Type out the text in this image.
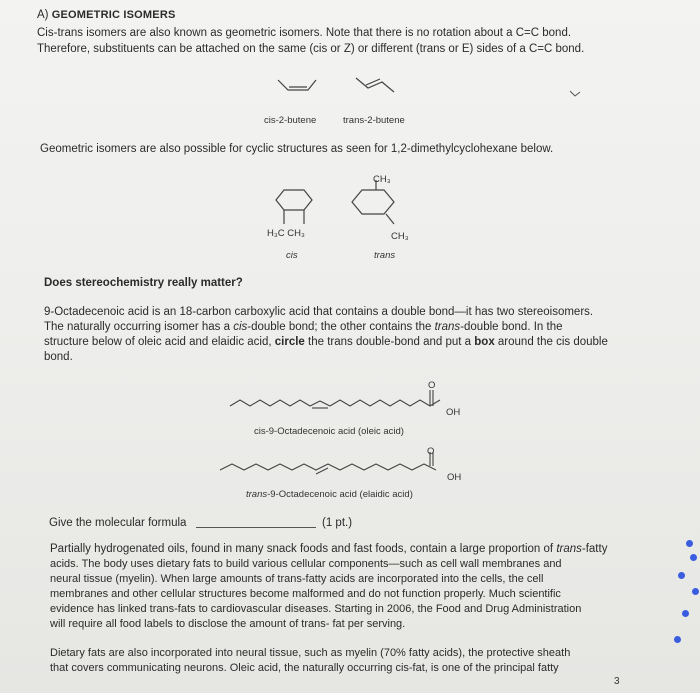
A) GEOMETRIC ISOMERS
Cis-trans isomers are also known as geometric isomers. Note that there is no rotation about a C=C bond.
Therefore, substituents can be attached on the same (cis or Z) or different (trans or E) sides of a C=C bond.
cis-2-butene	trans-2-butene
Geometric isomers are also possible for cyclic structures as seen for 1,2-dimethylcyclohexane below.
CH₃
H₃C CH₃	CH₃
cis	trans
Does stereochemistry really matter?
9-Octadecenoic acid is an 18-carbon carboxylic acid that contains a double bond—it has two stereoisomers.
The naturally occurring isomer has a cis-double bond; the other contains the trans-double bond. In the
structure below of oleic acid and elaidic acid, circle the trans double-bond and put a box around the cis double
bond.
O
OH
cis-9-Octadecenoic acid (oleic acid)
O
OH
trans-9-Octadecenoic acid (elaidic acid)
Give the molecular formula	(1 pt.)
Partially hydrogenated oils, found in many snack foods and fast foods, contain a large proportion of trans-fatty
acids. The body uses dietary fats to build various cellular components—such as cell wall membranes and
neural tissue (myelin). When large amounts of trans-fatty acids are incorporated into the cells, the cell
membranes and other cellular structures become malformed and do not function properly. Much scientific
evidence has linked trans-fats to cardiovascular diseases. Starting in 2006, the Food and Drug Administration
will require all food labels to disclose the amount of trans- fat per serving.
Dietary fats are also incorporated into neural tissue, such as myelin (70% fatty acids), the protective sheath
that covers communicating neurons. Oleic acid, the naturally occurring cis-fat, is one of the principal fatty
3
